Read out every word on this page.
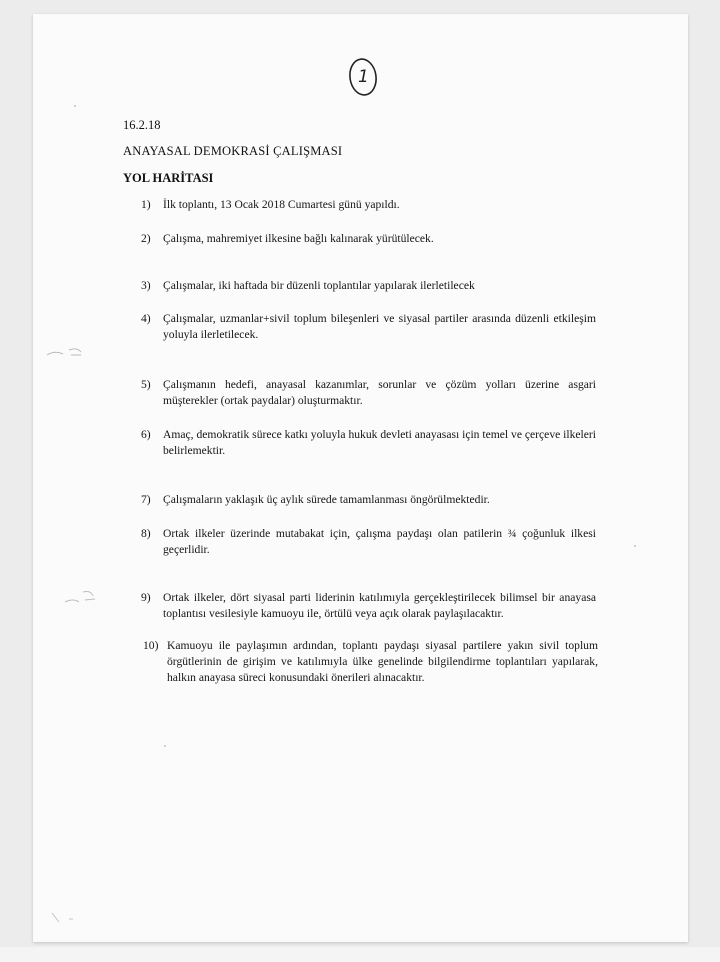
1
16.2.18
ANAYASAL DEMOKRASİ ÇALIŞMASI
YOL HARİTASI
1)	İlk toplantı, 13 Ocak 2018 Cumartesi günü yapıldı.
2)	Çalışma, mahremiyet ilkesine bağlı kalınarak yürütülecek.
3)	Çalışmalar, iki haftada bir düzenli toplantılar yapılarak ilerletilecek
4)	Çalışmalar, uzmanlar+sivil toplum bileşenleri ve siyasal partiler arasında düzenli etkileşim yoluyla ilerletilecek.
5)	Çalışmanın hedefi, anayasal kazanımlar, sorunlar ve çözüm yolları üzerine asgari müşterekler (ortak paydalar) oluşturmaktır.
6)	Amaç, demokratik sürece katkı yoluyla hukuk devleti anayasası için temel ve çerçeve ilkeleri belirlemektir.
7)	Çalışmaların yaklaşık üç aylık sürede tamamlanması öngörülmektedir.
8)	Ortak ilkeler üzerinde mutabakat için, çalışma paydaşı olan patilerin ¾ çoğunluk ilkesi geçerlidir.
9)	Ortak ilkeler, dört siyasal parti liderinin katılımıyla gerçekleştirilecek bilimsel bir anayasa toplantısı vesilesiyle kamuoyu ile, örtülü veya açık olarak paylaşılacaktır.
10) Kamuoyu ile paylaşımın ardından, toplantı paydaşı siyasal partilere yakın sivil toplum örgütlerinin de girişim ve katılımıyla ülke genelinde bilgilendirme toplantıları yapılarak, halkın anayasa süreci konusundaki önerileri alınacaktır.
